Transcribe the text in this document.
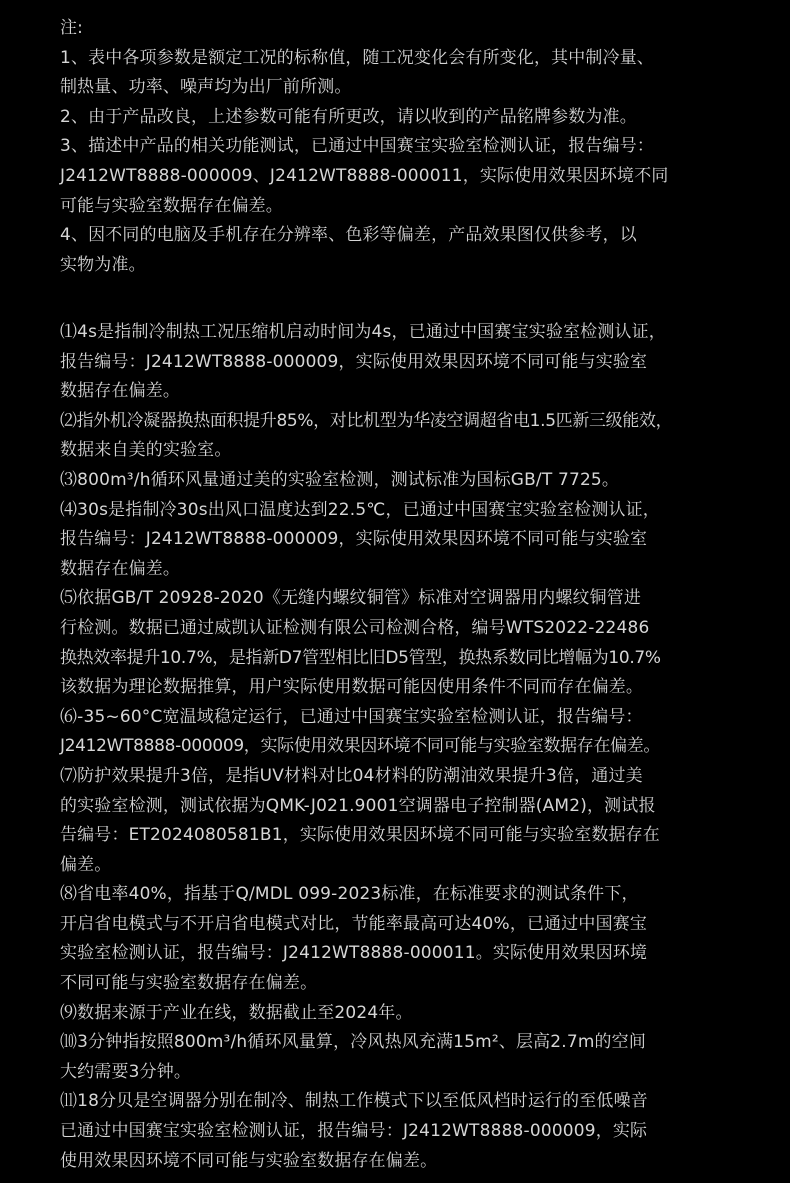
注:
1、表中各项参数是额定工况的标称值，随工况变化会有所变化，其中制冷量、
制热量、功率、噪声均为出厂前所测。
2、由于产品改良，上述参数可能有所更改，请以收到的产品铭牌参数为准。
3、描述中产品的相关功能测试，已通过中国赛宝实验室检测认证，报告编号：
J2412WT8888-000009、J2412WT8888-000011，实际使用效果因环境不同
可能与实验室数据存在偏差。
4、因不同的电脑及手机存在分辨率、色彩等偏差，产品效果图仅供参考，以
实物为准。
⑴4s是指制冷制热工况压缩机启动时间为4s，已通过中国赛宝实验室检测认证，
报告编号：J2412WT8888-000009，实际使用效果因环境不同可能与实验室
数据存在偏差。
⑵指外机冷凝器换热面积提升85%，对比机型为华凌空调超省电1.5匹新三级能效，
数据来自美的实验室。
⑶800m³/h循环风量通过美的实验室检测，测试标准为国标GB/T 7725。
⑷30s是指制冷30s出风口温度达到22.5℃，已通过中国赛宝实验室检测认证，
报告编号：J2412WT8888-000009，实际使用效果因环境不同可能与实验室
数据存在偏差。
⑸依据GB/T 20928-2020《无缝内螺纹铜管》标准对空调器用内螺纹铜管进
行检测。数据已通过威凯认证检测有限公司检测合格，编号WTS2022-22486
换热效率提升10.7%，是指新D7管型相比旧D5管型，换热系数同比增幅为10.7%
该数据为理论数据推算，用户实际使用数据可能因使用条件不同而存在偏差。
⑹-35~60°C宽温域稳定运行，已通过中国赛宝实验室检测认证，报告编号：
J2412WT8888-000009，实际使用效果因环境不同可能与实验室数据存在偏差。
⑺防护效果提升3倍，是指UV材料对比04材料的防潮油效果提升3倍，通过美
的实验室检测，测试依据为QMK-J021.9001空调器电子控制器(AM2)，测试报
告编号：ET2024080581B1，实际使用效果因环境不同可能与实验室数据存在
偏差。
⑻省电率40%，指基于Q/MDL 099-2023标准，在标准要求的测试条件下，
开启省电模式与不开启省电模式对比，节能率最高可达40%，已通过中国赛宝
实验室检测认证，报告编号：J2412WT8888-000011。实际使用效果因环境
不同可能与实验室数据存在偏差。
⑼数据来源于产业在线，数据截止至2024年。
⑽3分钟指按照800m³/h循环风量算，冷风热风充满15m²、层高2.7m的空间
大约需要3分钟。
⑾18分贝是空调器分别在制冷、制热工作模式下以至低风档时运行的至低噪音
已通过中国赛宝实验室检测认证，报告编号：J2412WT8888-000009，实际
使用效果因环境不同可能与实验室数据存在偏差。
